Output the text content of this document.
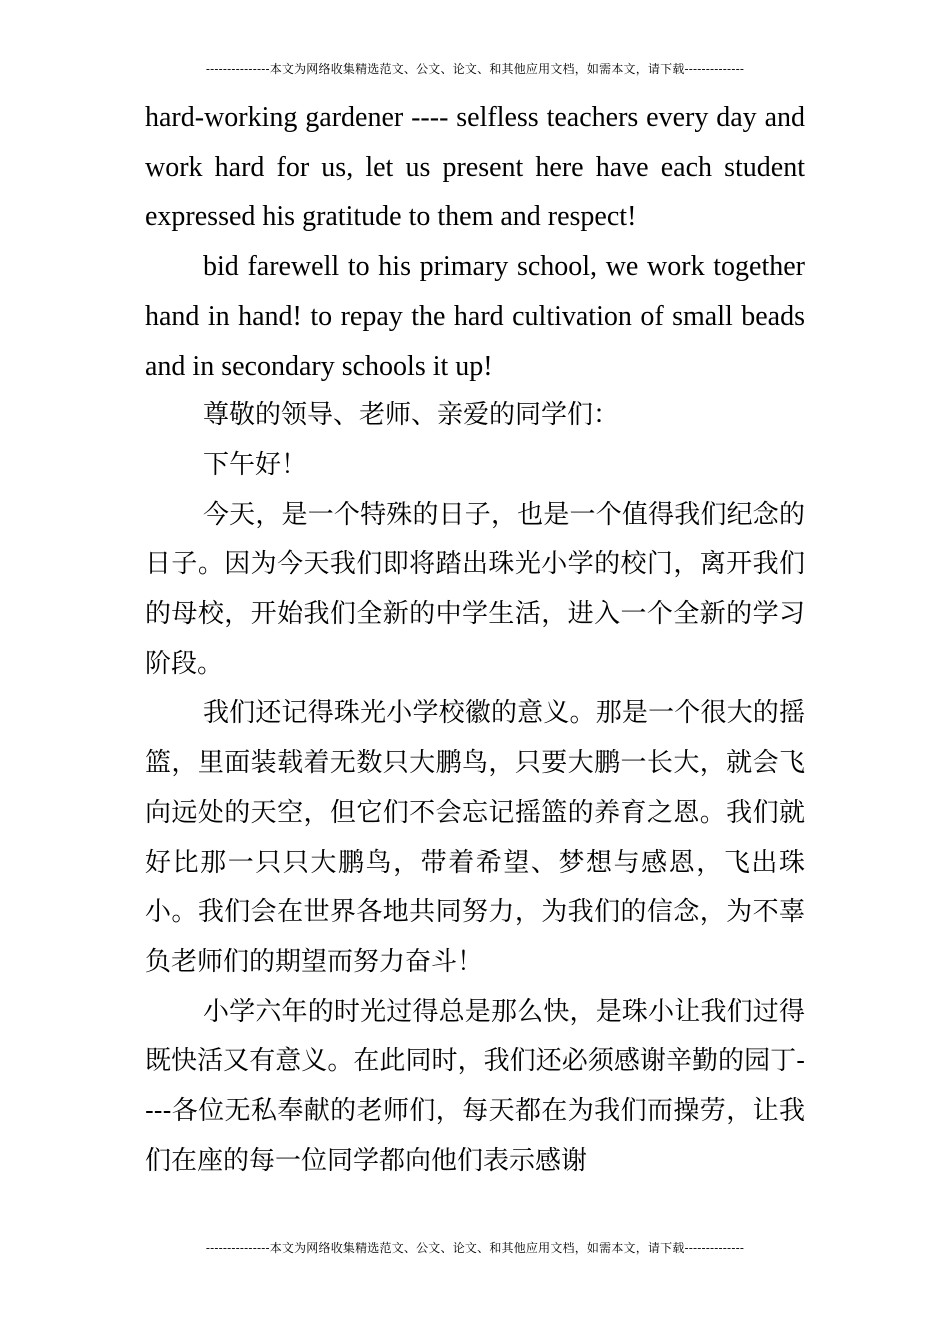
---------------本文为网络收集精选范文、公文、论文、和其他应用文档，如需本文，请下载--------------

hard-working gardener ---- selfless teachers every day and work hard for us, let us present here have each student expressed his gratitude to them and respect!

bid farewell to his primary school, we work together hand in hand! to repay the hard cultivation of small beads and in secondary schools it up!

尊敬的领导、老师、亲爱的同学们：

下午好！

今天，是一个特殊的日子，也是一个值得我们纪念的日子。因为今天我们即将踏出珠光小学的校门，离开我们的母校，开始我们全新的中学生活，进入一个全新的学习阶段。

我们还记得珠光小学校徽的意义。那是一个很大的摇篮，里面装载着无数只大鹏鸟，只要大鹏一长大，就会飞向远处的天空，但它们不会忘记摇篮的养育之恩。我们就好比那一只只大鹏鸟，带着希望、梦想与感恩，飞出珠小。我们会在世界各地共同努力，为我们的信念，为不辜负老师们的期望而努力奋斗！

小学六年的时光过得总是那么快，是珠小让我们过得既快活又有意义。在此同时，我们还必须感谢辛勤的园丁----各位无私奉献的老师们，每天都在为我们而操劳，让我们在座的每一位同学都向他们表示感谢

---------------本文为网络收集精选范文、公文、论文、和其他应用文档，如需本文，请下载--------------
